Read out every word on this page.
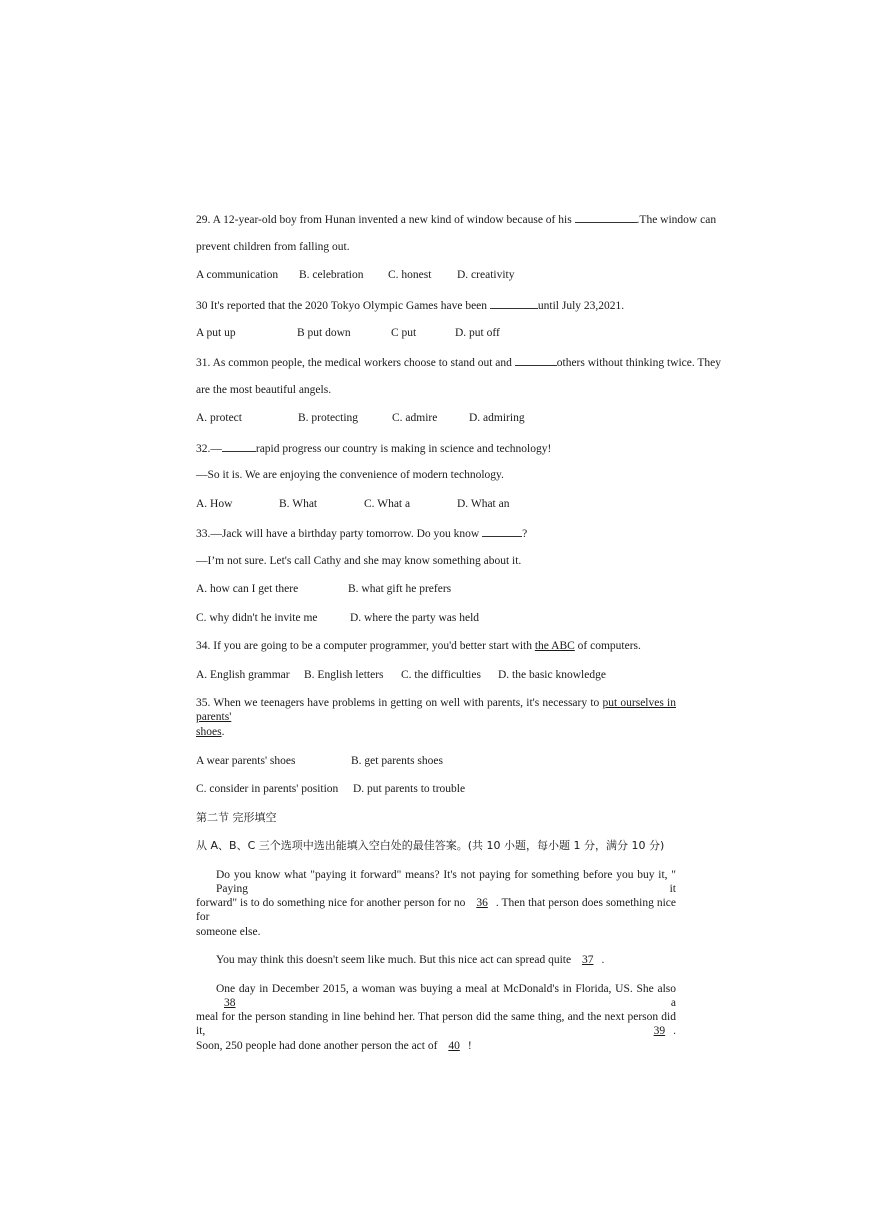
29. A 12-year-old boy from Hunan invented a new kind of window because of his	.The window can
prevent children from falling out.
A communication B. celebration C. honest D. creativity
30 It's reported that the 2020 Tokyo Olympic Games have been	until July 23,2021.
A put up	B put down	C put	D. put off
31. As common people, the medical workers choose to stand out and	others without thinking twice. They
are the most beautiful angels.
A. protect	B. protecting	C. admire	D. admiring
32.—	rapid progress our country is making in science and technology!
—So it is. We are enjoying the convenience of modern technology.
A. How	B. What	C. What a	D. What an
33.—Jack will have a birthday party tomorrow. Do you know	?
—I’m not sure. Let's call Cathy and she may know something about it.
A. how can I get there	B. what gift he prefers
C. why didn't he invite me	D. where the party was held
34. If you are going to be a computer programmer, you'd better start with the ABC of computers.
A. English grammar B. English letters C. the difficulties D. the basic knowledge
35. When we teenagers have problems in getting on well with parents, it's necessary to put ourselves in parents'
shoes.
A wear parents' shoes	B. get parents shoes
C. consider in parents' position D. put parents to trouble
第二节 完形填空
从 A、B、C 三个选项中选出能填入空白处的最佳答案。(共 10 小题，每小题 1 分，满分 10 分)
Do you know what "paying it forward" means? It's not paying for something before you buy it, " Paying it
forward" is to do something nice for another person for no 36 . Then that person does something nice for
someone else.
You may think this doesn't seem like much. But this nice act can spread quite 37 .
One day in December 2015, a woman was buying a meal at McDonald's in Florida, US. She also 38 a
meal for the person standing in line behind her. That person did the same thing, and the next person did it, 39 .
Soon, 250 people had done another person the act of 40 !
